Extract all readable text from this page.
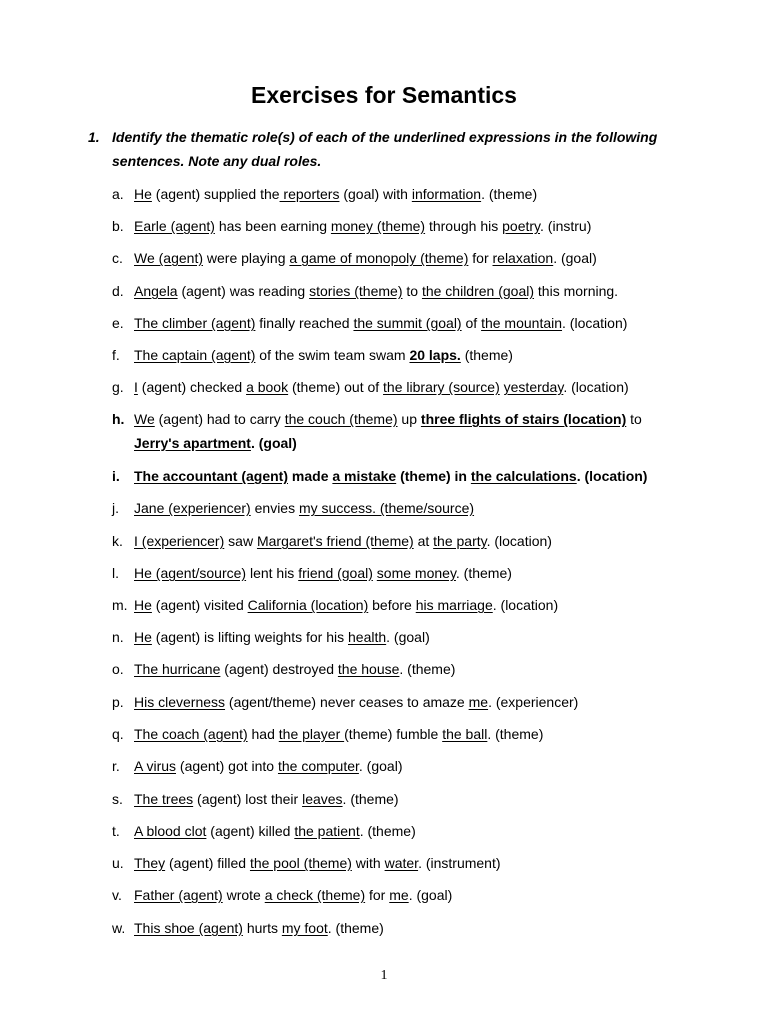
Exercises for Semantics
1. Identify the thematic role(s) of each of the underlined expressions in the following sentences. Note any dual roles.
a. He (agent) supplied the reporters (goal) with information. (theme)
b. Earle (agent) has been earning money (theme) through his poetry. (instru)
c. We (agent) were playing a game of monopoly (theme) for relaxation. (goal)
d. Angela (agent) was reading stories (theme) to the children (goal) this morning.
e. The climber (agent) finally reached the summit (goal) of the mountain. (location)
f. The captain (agent) of the swim team swam 20 laps. (theme)
g. I (agent) checked a book (theme) out of the library (source) yesterday. (location)
h. We (agent) had to carry the couch (theme) up three flights of stairs (location) to Jerry's apartment. (goal)
i. The accountant (agent) made a mistake (theme) in the calculations. (location)
j. Jane (experiencer) envies my success. (theme/source)
k. I (experiencer) saw Margaret's friend (theme) at the party. (location)
l. He (agent/source) lent his friend (goal) some money. (theme)
m. He (agent) visited California (location) before his marriage. (location)
n. He (agent) is lifting weights for his health. (goal)
o. The hurricane (agent) destroyed the house. (theme)
p. His cleverness (agent/theme) never ceases to amaze me. (experiencer)
q. The coach (agent) had the player (theme) fumble the ball. (theme)
r. A virus (agent) got into the computer. (goal)
s. The trees (agent) lost their leaves. (theme)
t. A blood clot (agent) killed the patient. (theme)
u. They (agent) filled the pool (theme) with water. (instrument)
v. Father (agent) wrote a check (theme) for me. (goal)
w. This shoe (agent) hurts my foot. (theme)
1
